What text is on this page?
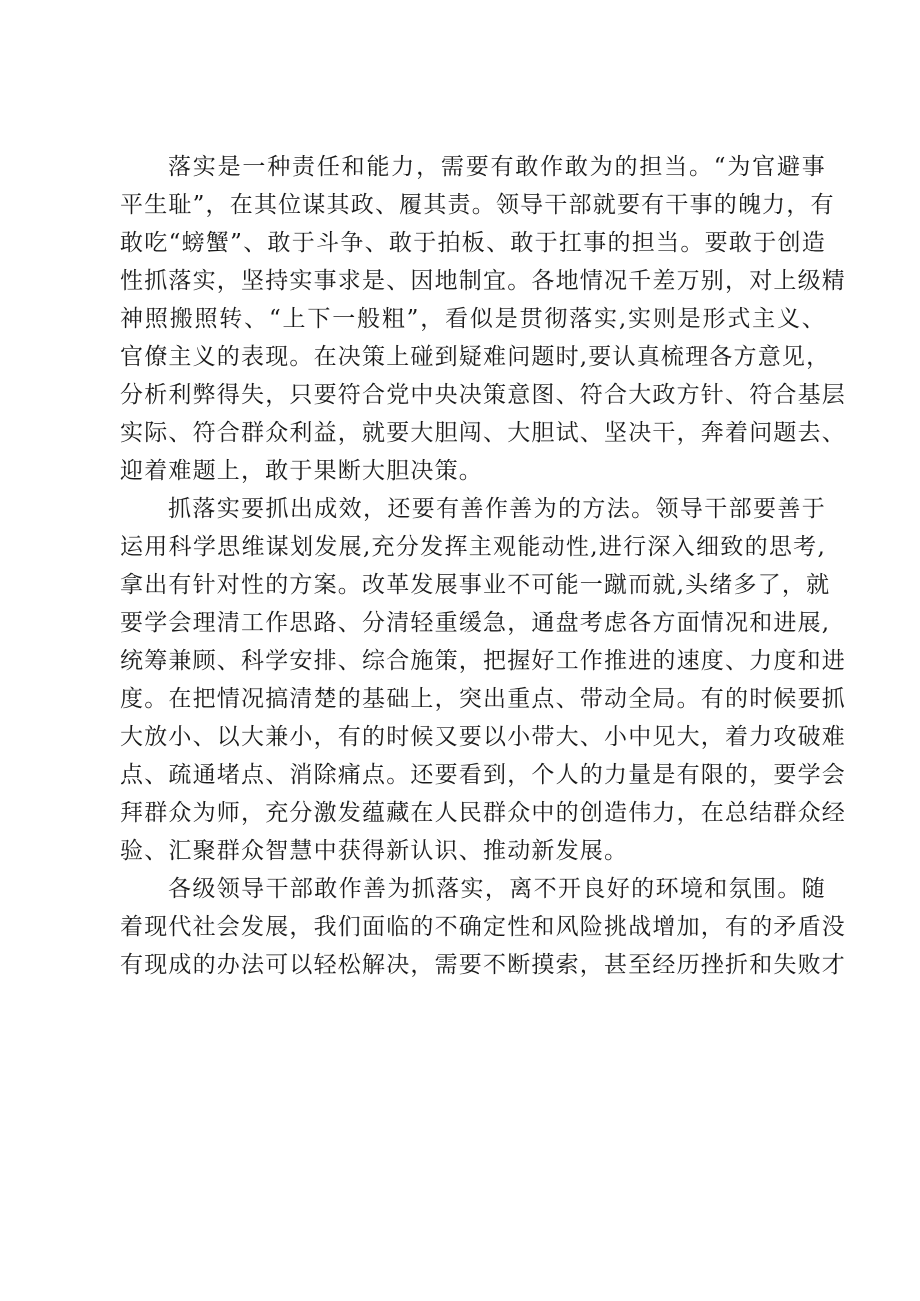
落实是一种责任和能力，需要有敢作敢为的担当。“为官避事
平生耻”，在其位谋其政、履其责。领导干部就要有干事的魄力，有
敢吃“螃蟹”、敢于斗争、敢于拍板、敢于扛事的担当。要敢于创造
性抓落实，坚持实事求是、因地制宜。各地情况千差万别，对上级精
神照搬照转、“上下一般粗”，看似是贯彻落实,实则是形式主义、
官僚主义的表现。在决策上碰到疑难问题时,要认真梳理各方意见，
分析利弊得失，只要符合党中央决策意图、符合大政方针、符合基层
实际、符合群众利益，就要大胆闯、大胆试、坚决干，奔着问题去、
迎着难题上，敢于果断大胆决策。
抓落实要抓出成效，还要有善作善为的方法。领导干部要善于
运用科学思维谋划发展,充分发挥主观能动性,进行深入细致的思考,
拿出有针对性的方案。改革发展事业不可能一蹴而就,头绪多了，就
要学会理清工作思路、分清轻重缓急，通盘考虑各方面情况和进展,
统筹兼顾、科学安排、综合施策，把握好工作推进的速度、力度和进
度。在把情况搞清楚的基础上，突出重点、带动全局。有的时候要抓
大放小、以大兼小，有的时候又要以小带大、小中见大，着力攻破难
点、疏通堵点、消除痛点。还要看到，个人的力量是有限的，要学会
拜群众为师，充分激发蕴藏在人民群众中的创造伟力，在总结群众经
验、汇聚群众智慧中获得新认识、推动新发展。
各级领导干部敢作善为抓落实，离不开良好的环境和氛围。随
着现代社会发展，我们面临的不确定性和风险挑战增加，有的矛盾没
有现成的办法可以轻松解决，需要不断摸索，甚至经历挫折和失败才
